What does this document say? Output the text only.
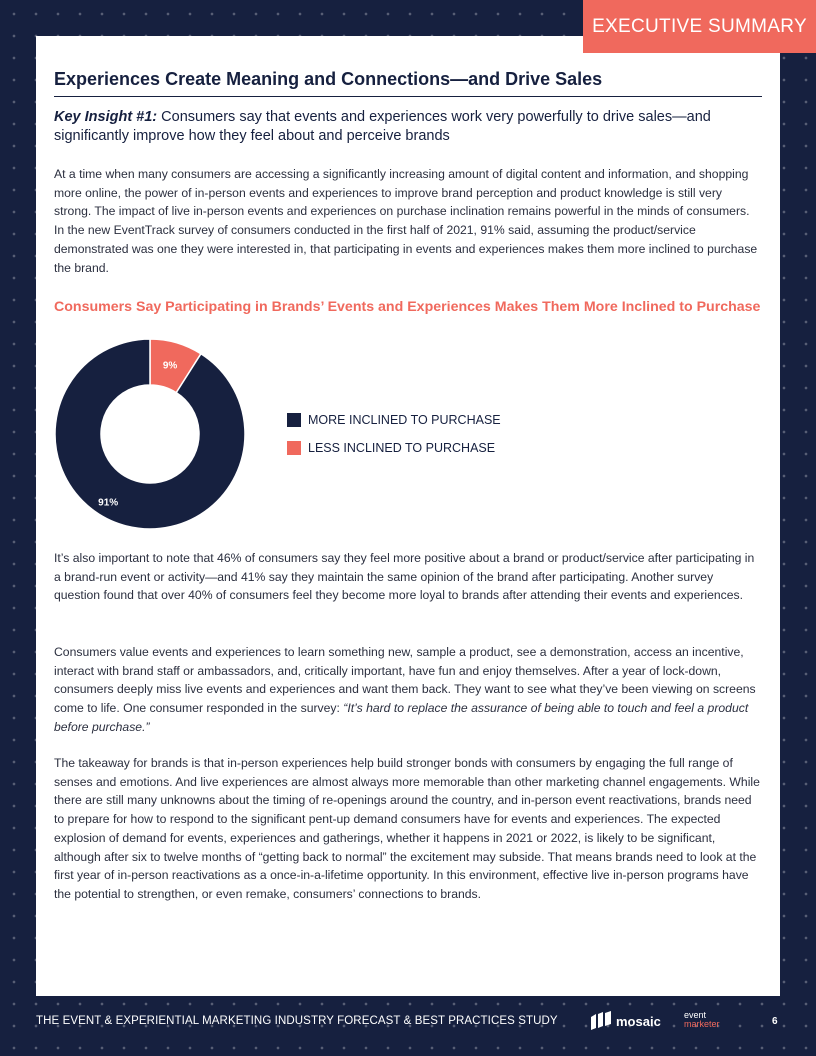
EXECUTIVE SUMMARY
Experiences Create Meaning and Connections—and Drive Sales
Key Insight #1: Consumers say that events and experiences work very powerfully to drive sales—and significantly improve how they feel about and perceive brands

At a time when many consumers are accessing a significantly increasing amount of digital content and information, and shopping more online, the power of in-person events and experiences to improve brand perception and product knowledge is still very strong. The impact of live in-person events and experiences on purchase inclination remains powerful in the minds of consumers. In the new EventTrack survey of consumers conducted in the first half of 2021, 91% said, assuming the product/service demonstrated was one they were interested in, that participating in events and experiences makes them more inclined to purchase the brand.

Consumers Say Participating in Brands’ Events and Experiences Makes Them More Inclined to Purchase
9%
91%
MORE INCLINED TO PURCHASE
LESS INCLINED TO PURCHASE

It’s also important to note that 46% of consumers say they feel more positive about a brand or product/service after participating in a brand-run event or activity—and 41% say they maintain the same opinion of the brand after participating. Another survey question found that over 40% of consumers feel they become more loyal to brands after attending their events and experiences.

Consumers value events and experiences to learn something new, sample a product, see a demonstration, access an incentive, interact with brand staff or ambassadors, and, critically important, have fun and enjoy themselves. After a year of lock-down, consumers deeply miss live events and experiences and want them back. They want to see what they’ve been viewing on screens come to life. One consumer responded in the survey: “It’s hard to replace the assurance of being able to touch and feel a product before purchase.”

The takeaway for brands is that in-person experiences help build stronger bonds with consumers by engaging the full range of senses and emotions. And live experiences are almost always more memorable than other marketing channel engagements. While there are still many unknowns about the timing of re-openings around the country, and in-person event reactivations, brands need to prepare for how to respond to the significant pent-up demand consumers have for events and experiences. The expected explosion of demand for events, experiences and gatherings, whether it happens in 2021 or 2022, is likely to be significant, although after six to twelve months of “getting back to normal” the excitement may subside. That means brands need to look at the first year of in-person reactivations as a once-in-a-lifetime opportunity. In this environment, effective live in-person programs have the potential to strengthen, or even remake, consumers’ connections to brands.

THE EVENT & EXPERIENTIAL MARKETING INDUSTRY FORECAST & BEST PRACTICES STUDY	mosaic	event
marketer	6
